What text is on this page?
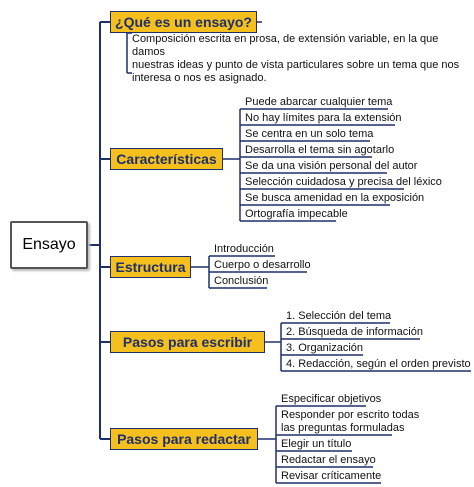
Ensayo
¿Qué es un ensayo?
Composición escrita en prosa, de extensión variable, en la que damos
nuestras ideas y punto de vista particulares sobre un tema que nos
interesa o nos es asignado.
Características
Puede abarcar cualquier tema
No hay límites para la extensión
Se centra en un solo tema
Desarrolla el tema sin agotarlo
Se da una visión personal del autor
Selección cuidadosa y precisa del léxico
Se busca amenidad en la exposición
Ortografía impecable
Estructura
Introducción
Cuerpo o desarrollo
Conclusión
Pasos para escribir
1. Selección del tema
2. Búsqueda de información
3. Organización
4. Redacción, según el orden previsto
Pasos para redactar
Especificar objetivos
Responder por escrito todas
las preguntas formuladas
Elegir un título
Redactar el ensayo
Revisar críticamente
